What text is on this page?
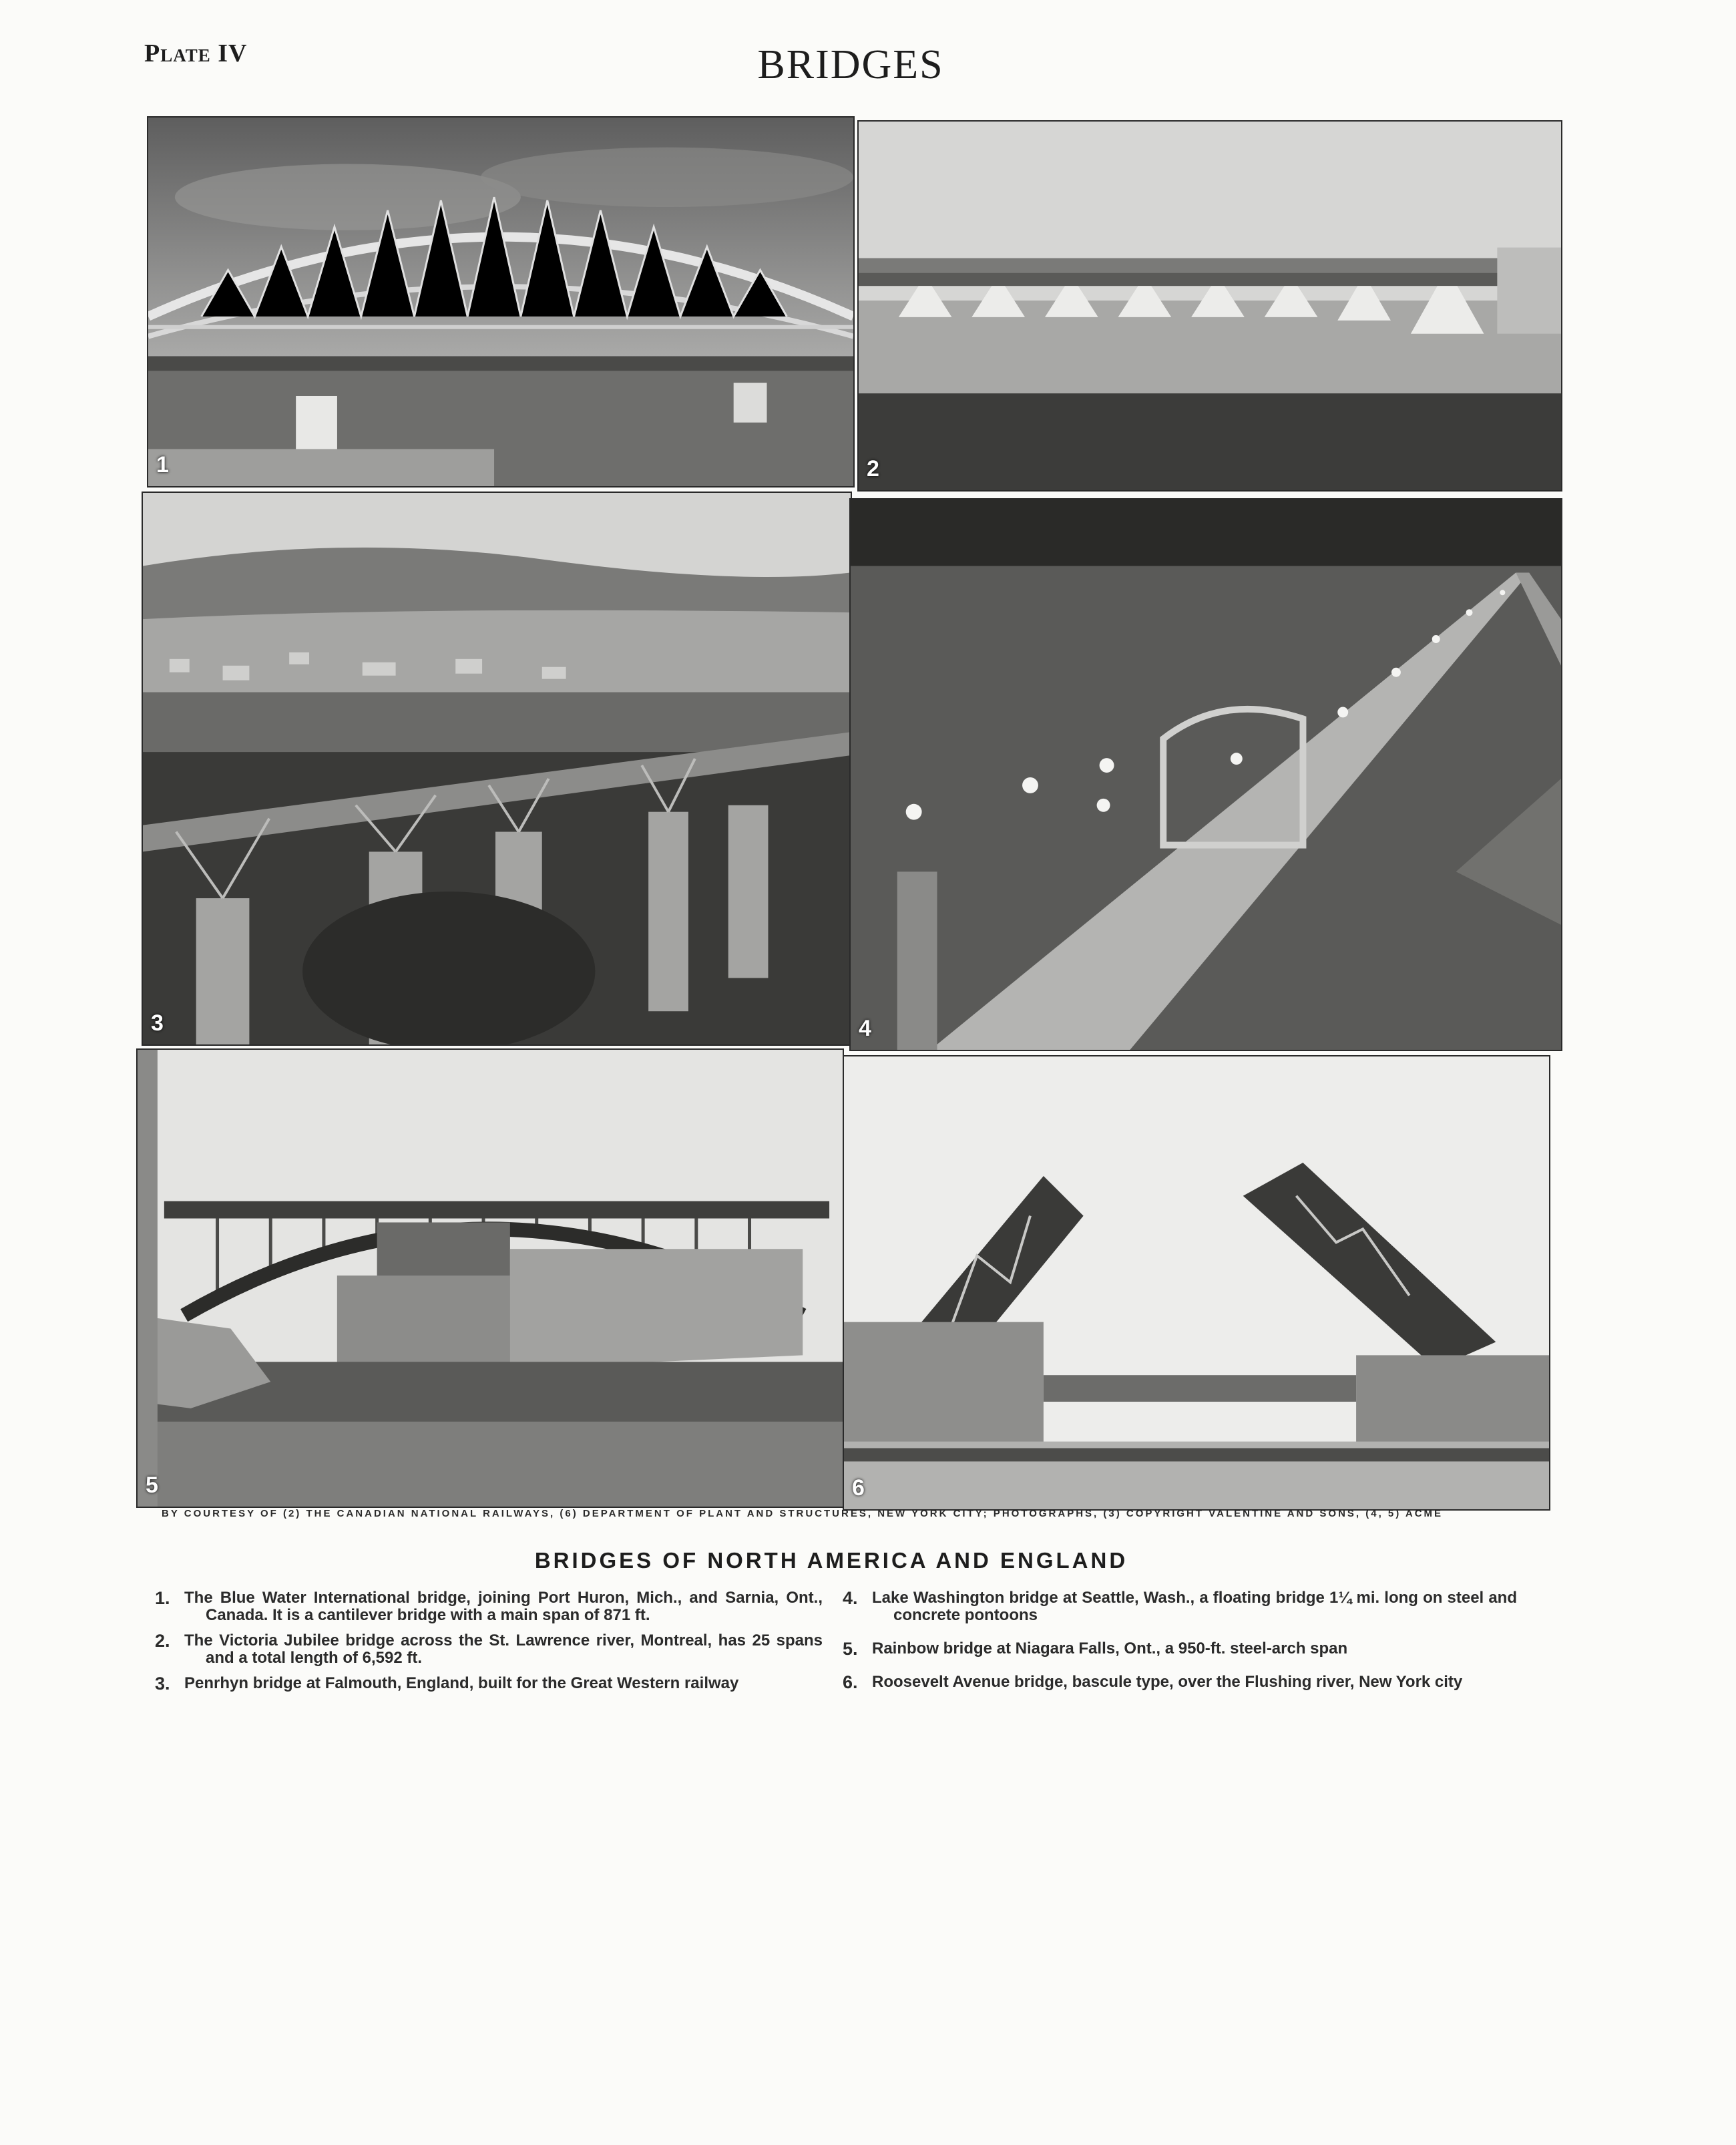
Plate IV	BRIDGES
1	2
3	4
5	6
BY COURTESY OF (2) THE CANADIAN NATIONAL RAILWAYS, (6) DEPARTMENT OF PLANT AND STRUCTURES, NEW YORK CITY; PHOTOGRAPHS, (3) COPYRIGHT VALENTINE AND SONS, (4, 5) ACME
BRIDGES OF NORTH AMERICA AND ENGLAND
1. The Blue Water International bridge, joining Port Huron, Mich., and Sarnia, Ont., Canada. It is a cantilever bridge with a main span of 871 ft.
2. The Victoria Jubilee bridge across the St. Lawrence river, Montreal, has 25 spans and a total length of 6,592 ft.
3. Penrhyn bridge at Falmouth, England, built for the Great Western railway
4. Lake Washington bridge at Seattle, Wash., a floating bridge 1¼ mi. long on steel and concrete pontoons
5. Rainbow bridge at Niagara Falls, Ont., a 950-ft. steel-arch span
6. Roosevelt Avenue bridge, bascule type, over the Flushing river, New York city
